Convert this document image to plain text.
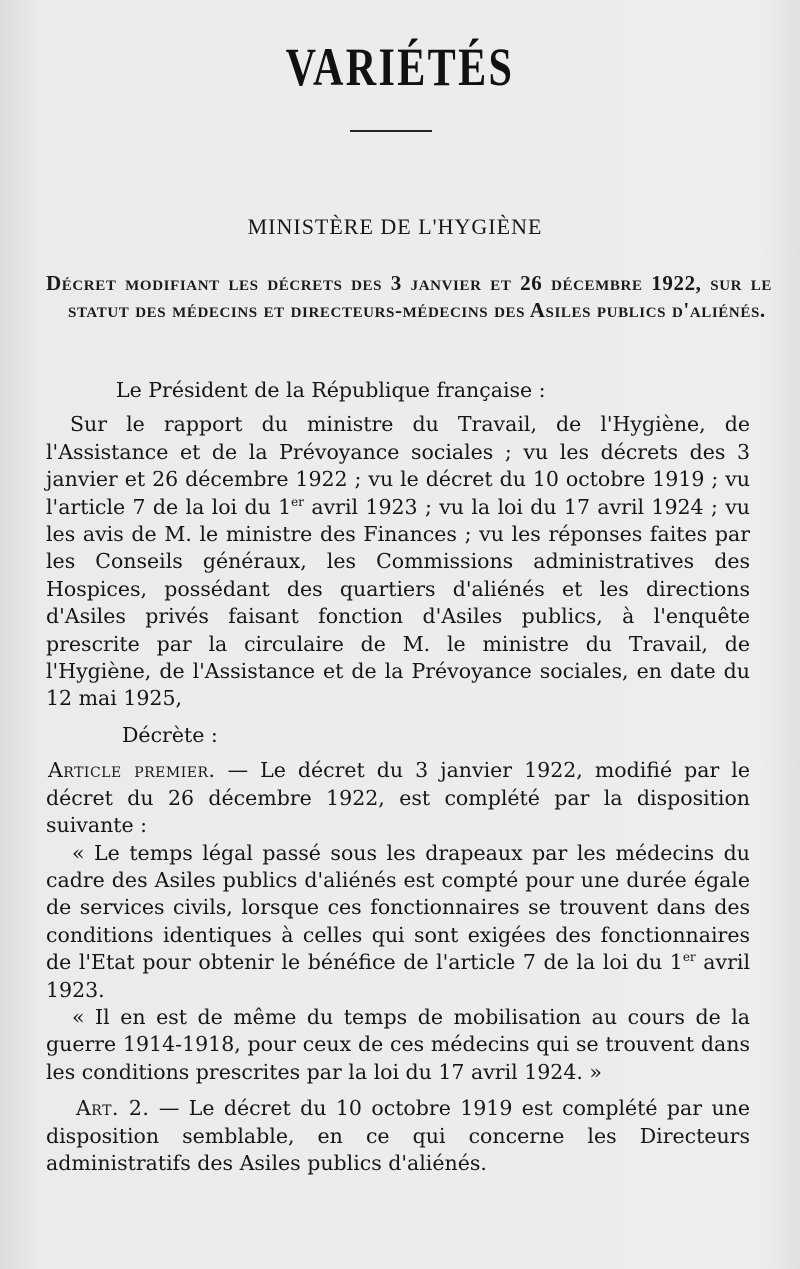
VARIÉTÉS
MINISTÈRE DE L'HYGIÈNE
Décret modifiant les décrets des 3 janvier et 26 décembre 1922, sur le statut des médecins et directeurs-médecins des Asiles publics d'aliénés.

Le Président de la République française :

Sur le rapport du ministre du Travail, de l'Hygiène, de l'Assistance et de la Prévoyance sociales ; vu les décrets des 3 janvier et 26 décembre 1922 ; vu le décret du 10 octobre 1919 ; vu l'article 7 de la loi du 1er avril 1923 ; vu la loi du 17 avril 1924 ; vu les avis de M. le ministre des Finances ; vu les réponses faites par les Conseils généraux, les Commissions administratives des Hospices, possédant des quartiers d'aliénés et les directions d'Asiles privés faisant fonction d'Asiles publics, à l'enquête prescrite par la circulaire de M. le ministre du Travail, de l'Hygiène, de l'Assistance et de la Prévoyance sociales, en date du 12 mai 1925,

Décrète :

Article premier. — Le décret du 3 janvier 1922, modifié par le décret du 26 décembre 1922, est complété par la disposition suivante :

« Le temps légal passé sous les drapeaux par les médecins du cadre des Asiles publics d'aliénés est compté pour une durée égale de services civils, lorsque ces fonctionnaires se trouvent dans des conditions identiques à celles qui sont exigées des fonctionnaires de l'Etat pour obtenir le bénéfice de l'article 7 de la loi du 1er avril 1923.

« Il en est de même du temps de mobilisation au cours de la guerre 1914-1918, pour ceux de ces médecins qui se trouvent dans les conditions prescrites par la loi du 17 avril 1924. »

Art. 2. — Le décret du 10 octobre 1919 est complété par une disposition semblable, en ce qui concerne les Directeurs administratifs des Asiles publics d'aliénés.
